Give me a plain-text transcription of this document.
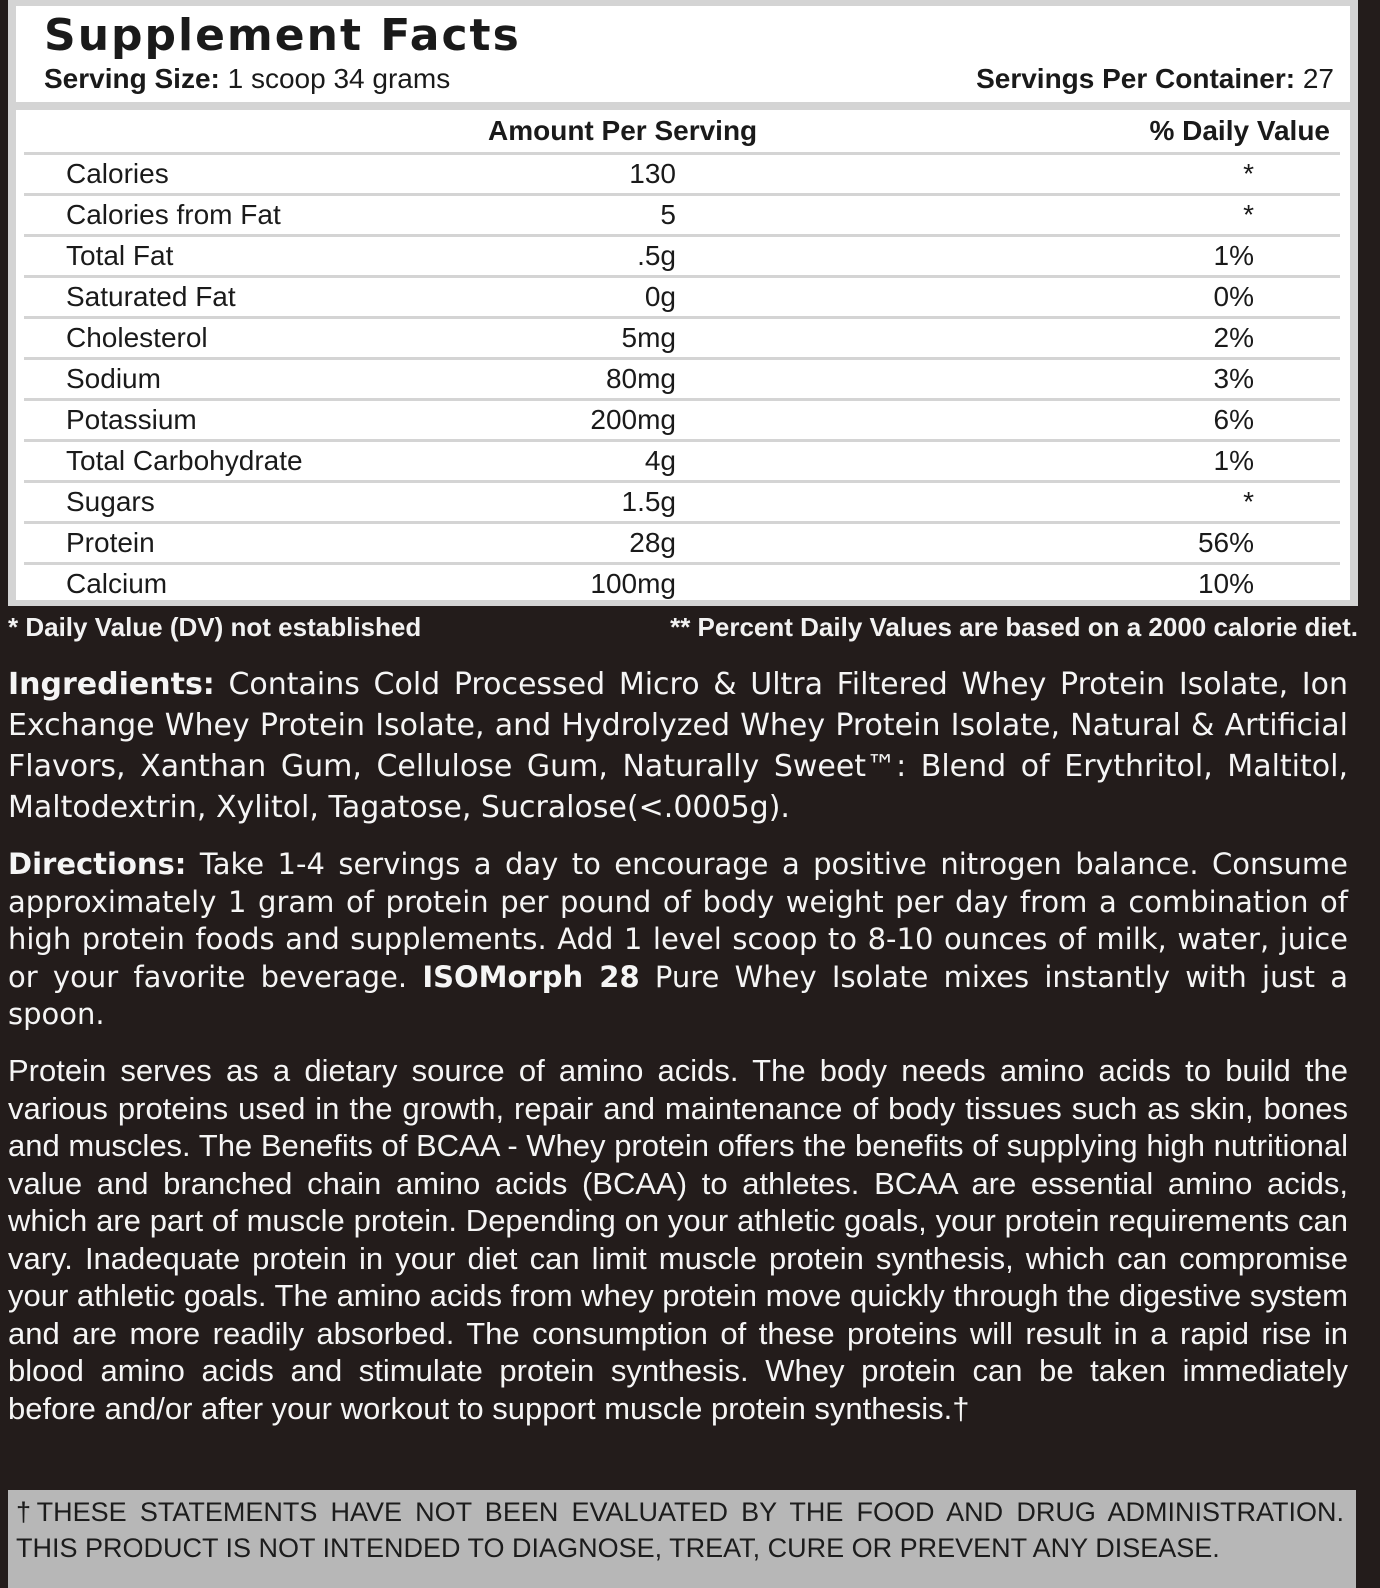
Supplement Facts
Serving Size: 1 scoop 34 grams	Servings Per Container: 27
Amount Per Serving	% Daily Value
Calories	130	*
Calories from Fat	5	*
Total Fat	.5g	1%
Saturated Fat	0g	0%
Cholesterol	5mg	2%
Sodium	80mg	3%
Potassium	200mg	6%
Total Carbohydrate	4g	1%
Sugars	1.5g	*
Protein	28g	56%
Calcium	100mg	10%
* Daily Value (DV) not established	** Percent Daily Values are based on a 2000 calorie diet.
Ingredients: Contains Cold Processed Micro & Ultra Filtered Whey Protein Isolate, Ion Exchange Whey Protein Isolate, and Hydrolyzed Whey Protein Isolate, Natural & Artificial Flavors, Xanthan Gum, Cellulose Gum, Naturally Sweet™: Blend of Erythritol, Maltitol, Maltodextrin, Xylitol, Tagatose, Sucralose(<.0005g).
Directions: Take 1-4 servings a day to encourage a positive nitrogen balance. Consume approximately 1 gram of protein per pound of body weight per day from a combination of high protein foods and supplements. Add 1 level scoop to 8-10 ounces of milk, water, juice or your favorite beverage. ISOMorph 28 Pure Whey Isolate mixes instantly with just a spoon.
Protein serves as a dietary source of amino acids. The body needs amino acids to build the various proteins used in the growth, repair and maintenance of body tissues such as skin, bones and muscles. The Benefits of BCAA - Whey protein offers the benefits of supplying high nutritional value and branched chain amino acids (BCAA) to athletes. BCAA are essential amino acids, which are part of muscle protein. Depending on your athletic goals, your protein requirements can vary. Inadequate protein in your diet can limit muscle protein synthesis, which can compromise your athletic goals. The amino acids from whey protein move quickly through the digestive system and are more readily absorbed. The consumption of these proteins will result in a rapid rise in blood amino acids and stimulate protein synthesis. Whey protein can be taken immediately before and/or after your workout to support muscle protein synthesis.†
†THESE STATEMENTS HAVE NOT BEEN EVALUATED BY THE FOOD AND DRUG ADMINISTRATION. THIS PRODUCT IS NOT INTENDED TO DIAGNOSE, TREAT, CURE OR PREVENT ANY DISEASE.
